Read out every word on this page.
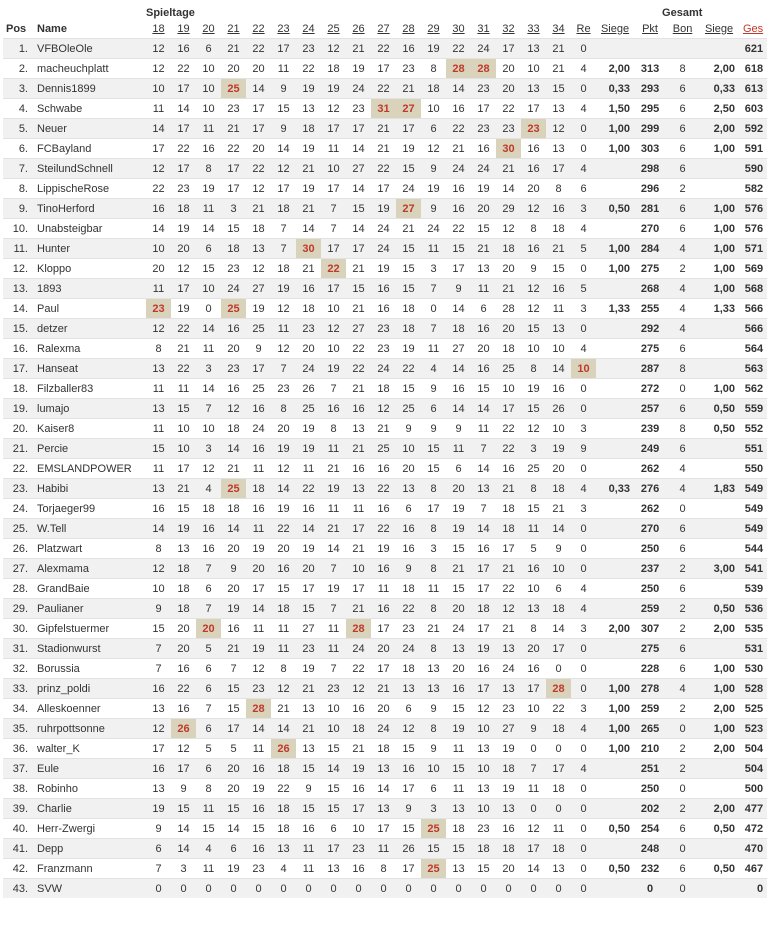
		Spieltage																			Gesamt			
Pos	Name	18	19	20	21	22	23	24	25	26	27	28	29	30	31	32	33	34	Re	Siege	Pkt	Bon	Siege	Ges
1.	VFBOleOle	12	16	6	21	22	17	23	12	21	22	16	19	22	24	17	13	21	0					621
2.	macheuchplatt	12	22	10	20	20	11	22	18	19	17	23	8	28	28	20	10	21	4	2,00	313	8	2,00	618
3.	Dennis1899	10	17	10	25	14	9	19	19	24	22	21	18	14	23	20	13	15	0	0,33	293	6	0,33	613
4.	Schwabe	11	14	10	23	17	15	13	12	23	31	27	10	16	17	22	17	13	4	1,50	295	6	2,50	603
5.	Neuer	14	17	11	21	17	9	18	17	17	21	17	6	22	23	23	23	12	0	1,00	299	6	2,00	592
6.	FCBayland	17	22	16	22	20	14	19	11	14	21	19	12	21	16	30	16	13	0	1,00	303	6	1,00	591
7.	SteilundSchnell	12	17	8	17	22	12	21	10	27	22	15	9	24	24	21	16	17	4		298	6		590
8.	LippischeRose	22	23	19	17	12	17	19	17	14	17	24	19	16	19	14	20	8	6		296	2		582
9.	TinoHerford	16	18	11	3	21	18	21	7	15	19	27	9	16	20	29	12	16	3	0,50	281	6	1,00	576
10.	Unabsteigbar	14	19	14	15	18	7	14	7	14	24	21	24	22	15	12	8	18	4		270	6	1,00	576
11.	Hunter	10	20	6	18	13	7	30	17	17	24	15	11	15	21	18	16	21	5	1,00	284	4	1,00	571
12.	Kloppo	20	12	15	23	12	18	21	22	21	19	15	3	17	13	20	9	15	0	1,00	275	2	1,00	569
13.	1893	11	17	10	24	27	19	16	17	15	16	15	7	9	11	21	12	16	5		268	4	1,00	568
14.	Paul	23	19	0	25	19	12	18	10	21	16	18	0	14	6	28	12	11	3	1,33	255	4	1,33	566
15.	detzer	12	22	14	16	25	11	23	12	27	23	18	7	18	16	20	15	13	0		292	4		566
16.	Ralexma	8	21	11	20	9	12	20	10	22	23	19	11	27	20	18	10	10	4		275	6		564
17.	Hanseat	13	22	3	23	17	7	24	19	22	24	22	4	14	16	25	8	14	10		287	8		563
18.	Filzballer83	11	11	14	16	25	23	26	7	21	18	15	9	16	15	10	19	16	0		272	0	1,00	562
19.	lumajo	13	15	7	12	16	8	25	16	16	12	25	6	14	14	17	15	26	0		257	6	0,50	559
20.	Kaiser8	11	10	10	18	24	20	19	8	13	21	9	9	9	11	22	12	10	3		239	8	0,50	552
21.	Percie	15	10	3	14	16	19	19	11	21	25	10	15	11	7	22	3	19	9		249	6		551
22.	EMSLANDPOWER	11	17	12	21	11	12	11	21	16	16	20	15	6	14	16	25	20	0		262	4		550
23.	Habibi	13	21	4	25	18	14	22	19	13	22	13	8	20	13	21	8	18	4	0,33	276	4	1,83	549
24.	Torjaeger99	16	15	18	18	16	19	16	11	11	16	6	17	19	7	18	15	21	3		262	0		549
25.	W.Tell	14	19	16	14	11	22	14	21	17	22	16	8	19	14	18	11	14	0		270	6		549
26.	Platzwart	8	13	16	20	19	20	19	14	21	19	16	3	15	16	17	5	9	0		250	6		544
27.	Alexmama	12	18	7	9	20	16	20	7	10	16	9	8	21	17	21	16	10	0		237	2	3,00	541
28.	GrandBaie	10	18	6	20	17	15	17	19	17	11	18	11	15	17	22	10	6	4		250	6		539
29.	Paulianer	9	18	7	19	14	18	15	7	21	16	22	8	20	18	12	13	18	4		259	2	0,50	536
30.	Gipfelstuermer	15	20	20	16	11	11	27	11	28	17	23	21	24	17	21	8	14	3	2,00	307	2	2,00	535
31.	Stadionwurst	7	20	5	21	19	11	23	11	24	20	24	8	13	19	13	20	17	0		275	6		531
32.	Borussia	7	16	6	7	12	8	19	7	22	17	18	13	20	16	24	16	0	0		228	6	1,00	530
33.	prinz_poldi	16	22	6	15	23	12	21	23	12	21	13	13	16	17	13	17	28	0	1,00	278	4	1,00	528
34.	Alleskoenner	13	16	7	15	28	21	13	10	16	20	6	9	15	12	23	10	22	3	1,00	259	2	2,00	525
35.	ruhrpottsonne	12	26	6	17	14	14	21	10	18	24	12	8	19	10	27	9	18	4	1,00	265	0	1,00	523
36.	walter_K	17	12	5	5	11	26	13	15	21	18	15	9	11	13	19	0	0	0	1,00	210	2	2,00	504
37.	Eule	16	17	6	20	16	18	15	14	19	13	16	10	15	10	18	7	17	4		251	2		504
38.	Robinho	13	9	8	20	19	22	9	15	16	14	17	6	11	13	19	11	18	0		250	0		500
39.	Charlie	19	15	11	15	16	18	15	15	17	13	9	3	13	10	13	0	0	0		202	2	2,00	477
40.	Herr-Zwergi	9	14	15	14	15	18	16	6	10	17	15	25	18	23	16	12	11	0	0,50	254	6	0,50	472
41.	Depp	6	14	4	6	16	13	11	17	23	11	26	15	15	18	18	17	18	0		248	0		470
42.	Franzmann	7	3	11	19	23	4	11	13	16	8	17	25	13	15	20	14	13	0	0,50	232	6	0,50	467
43.	SVW	0	0	0	0	0	0	0	0	0	0	0	0	0	0	0	0	0	0		0	0		0
